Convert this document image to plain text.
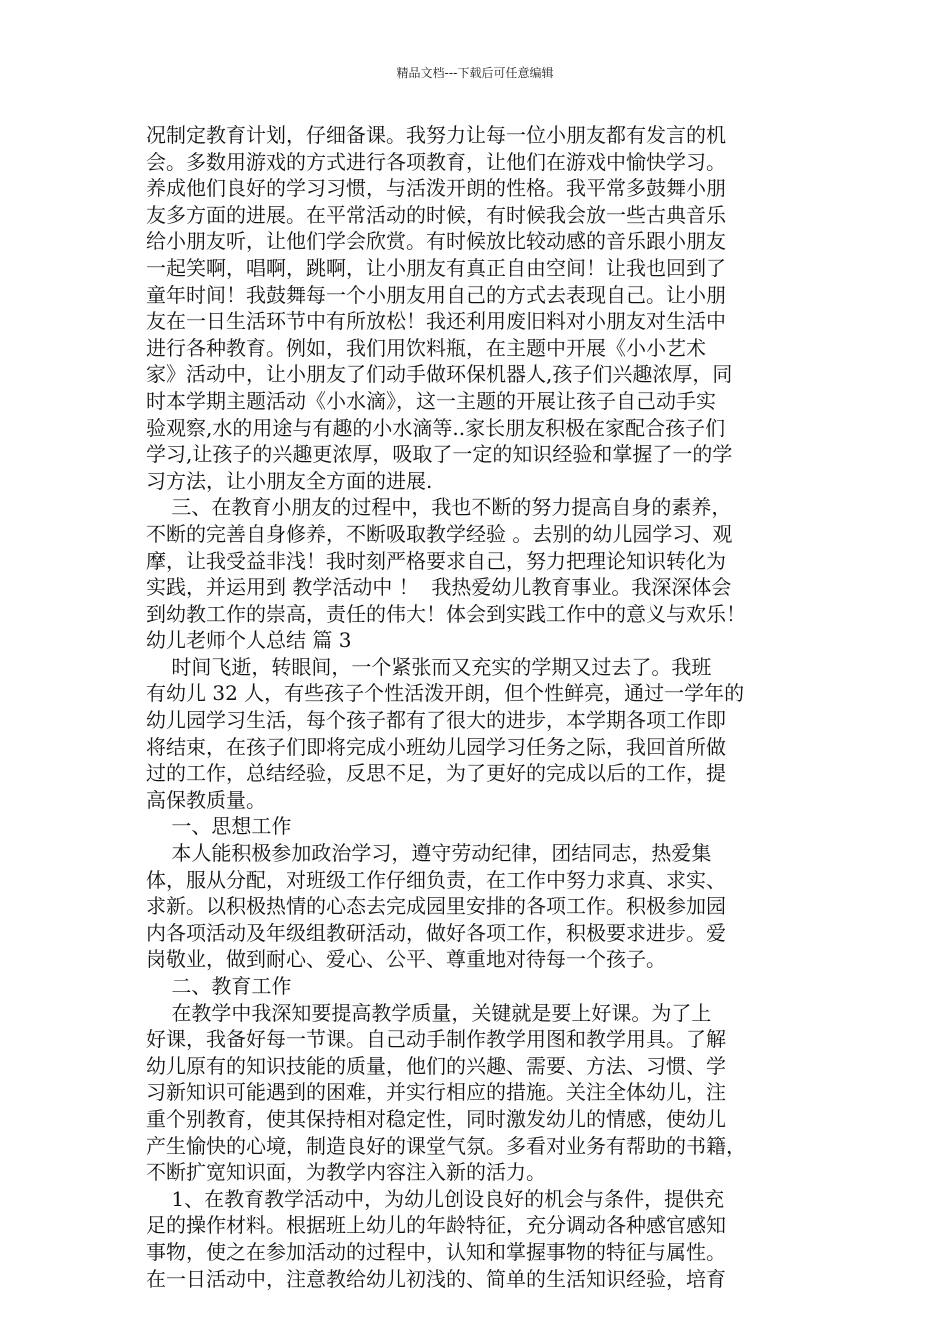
精品文档---下载后可任意编辑
况制定教育计划，仔细备课。我努力让每一位小朋友都有发言的机
会。多数用游戏的方式进行各项教育，让他们在游戏中愉快学习。
养成他们良好的学习习惯，与活泼开朗的性格。我平常多鼓舞小朋
友多方面的进展。在平常活动的时候，有时候我会放一些古典音乐
给小朋友听，让他们学会欣赏。有时候放比较动感的音乐跟小朋友
一起笑啊，唱啊，跳啊，让小朋友有真正自由空间！让我也回到了
童年时间！我鼓舞每一个小朋友用自己的方式去表现自己。让小朋
友在一日生活环节中有所放松！我还利用废旧料对小朋友对生活中
进行各种教育。例如，我们用饮料瓶，在主题中开展《小小艺术
家》活动中，让小朋友了们动手做环保机器人,孩子们兴趣浓厚，同
时本学期主题活动《小水滴》，这一主题的开展让孩子自己动手实
验观察,水的用途与有趣的小水滴等..家长朋友积极在家配合孩子们
学习,让孩子的兴趣更浓厚，吸取了一定的知识经验和掌握了一的学
习方法，让小朋友全方面的进展.
三、在教育小朋友的过程中，我也不断的努力提高自身的素养，
不断的完善自身修养，不断吸取教学经验 。去别的幼儿园学习、观
摩，让我受益非浅！我时刻严格要求自己，努力把理论知识转化为
实践，并运用到 教学活动中 ！  我热爱幼儿教育事业。我深深体会
到幼教工作的崇高，责任的伟大！体会到实践工作中的意义与欢乐！
幼儿老师个人总结 篇 3
时间飞逝，转眼间，一个紧张而又充实的学期又过去了。我班
有幼儿 32 人，有些孩子个性活泼开朗，但个性鲜亮，通过一学年的
幼儿园学习生活，每个孩子都有了很大的进步，本学期各项工作即
将结束，在孩子们即将完成小班幼儿园学习任务之际，我回首所做
过的工作，总结经验，反思不足，为了更好的完成以后的工作，提
高保教质量。
一、思想工作
本人能积极参加政治学习，遵守劳动纪律，团结同志，热爱集
体，服从分配，对班级工作仔细负责，在工作中努力求真、求实、
求新。以积极热情的心态去完成园里安排的各项工作。积极参加园
内各项活动及年级组教研活动，做好各项工作，积极要求进步。爱
岗敬业，做到耐心、爱心、公平、尊重地对待每一个孩子。
二、教育工作
在教学中我深知要提高教学质量，关键就是要上好课。为了上
好课，我备好每一节课。自己动手制作教学用图和教学用具。了解
幼儿原有的知识技能的质量，他们的兴趣、需要、方法、习惯、学
习新知识可能遇到的困难，并实行相应的措施。关注全体幼儿，注
重个别教育，使其保持相对稳定性，同时激发幼儿的情感，使幼儿
产生愉快的心境，制造良好的课堂气氛。多看对业务有帮助的书籍，
不断扩宽知识面，为教学内容注入新的活力。
1、在教育教学活动中，为幼儿创设良好的机会与条件，提供充
足的操作材料。根据班上幼儿的年龄特征，充分调动各种感官感知
事物，使之在参加活动的过程中，认知和掌握事物的特征与属性。
在一日活动中，注意教给幼儿初浅的、简单的生活知识经验，培育
